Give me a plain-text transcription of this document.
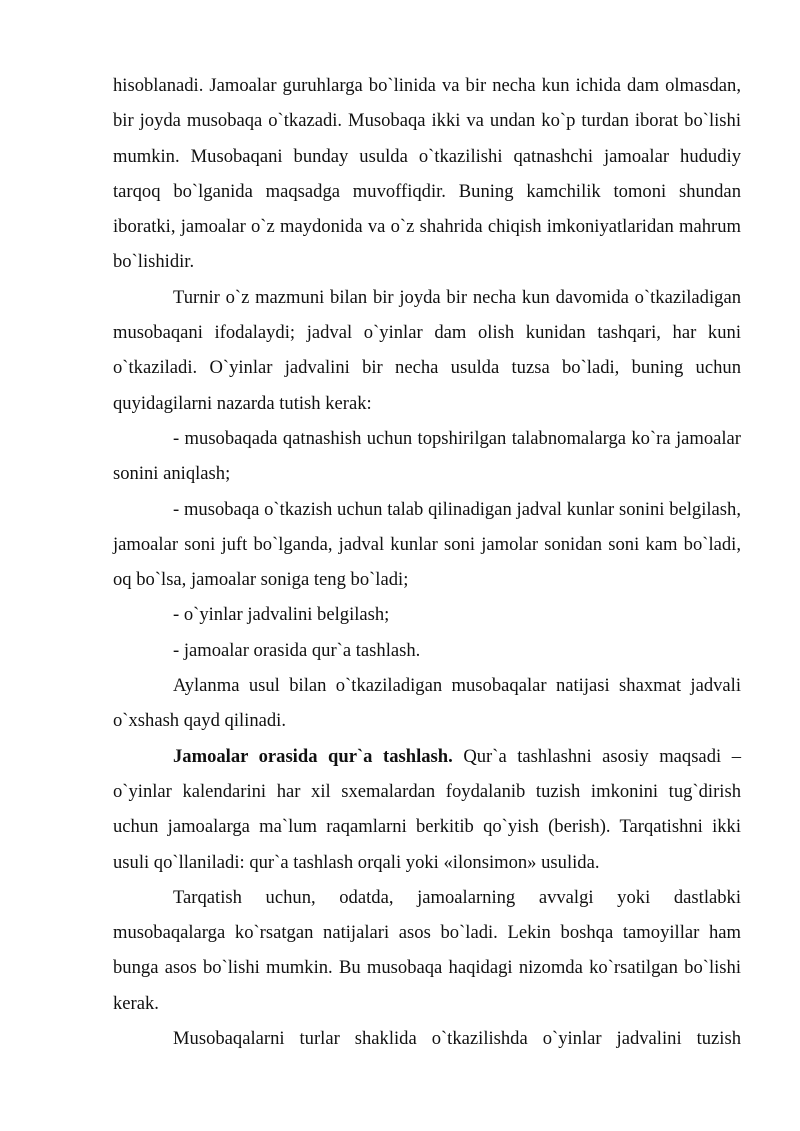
hisoblanadi. Jamoalar guruhlarga bo`linida va bir necha kun ichida dam olmasdan, bir joyda musobaqa o`tkazadi. Musobaqa ikki va undan ko`p turdan iborat bo`lishi mumkin. Musobaqani bunday usulda o`tkazilishi qatnashchi jamoalar hududiy tarqoq bo`lganida maqsadga muvoffiqdir. Buning kamchilik tomoni shundan iboratki, jamoalar o`z maydonida va o`z shahrida chiqish imkoniyatlaridan mahrum bo`lishidir.

Turnir o`z mazmuni bilan bir joyda bir necha kun davomida o`tkaziladigan musobaqani ifodalaydi; jadval o`yinlar dam olish kunidan tashqari, har kuni o`tkaziladi. O`yinlar jadvalini bir necha usulda tuzsa bo`ladi, buning uchun quyidagilarni nazarda tutish kerak:

- musobaqada qatnashish uchun topshirilgan talabnomalarga ko`ra jamoalar sonini aniqlash;

- musobaqa o`tkazish uchun talab qilinadigan jadval kunlar sonini belgilash, jamoalar soni juft bo`lganda, jadval kunlar soni jamolar sonidan soni kam bo`ladi, oq bo`lsa, jamoalar soniga teng bo`ladi;

- o`yinlar jadvalini belgilash;

- jamoalar orasida qur`a tashlash.

Aylanma usul bilan o`tkaziladigan musobaqalar natijasi shaxmat jadvali o`xshash qayd qilinadi.

Jamoalar orasida qur`a tashlash. Qur`a tashlashni asosiy maqsadi – o`yinlar kalendarini har xil sxemalardan foydalanib tuzish imkonini tug`dirish uchun jamoalarga ma`lum raqamlarni berkitib qo`yish (berish). Tarqatishni ikki usuli qo`llaniladi: qur`a tashlash orqali yoki «ilonsimon» usulida.

Tarqatish uchun, odatda, jamoalarning avvalgi yoki dastlabki musobaqalarga ko`rsatgan natijalari asos bo`ladi. Lekin boshqa tamoyillar ham bunga asos bo`lishi mumkin. Bu musobaqa haqidagi nizomda ko`rsatilgan bo`lishi kerak.

Musobaqalarni turlar shaklida o`tkazilishda o`yinlar jadvalini tuzish
